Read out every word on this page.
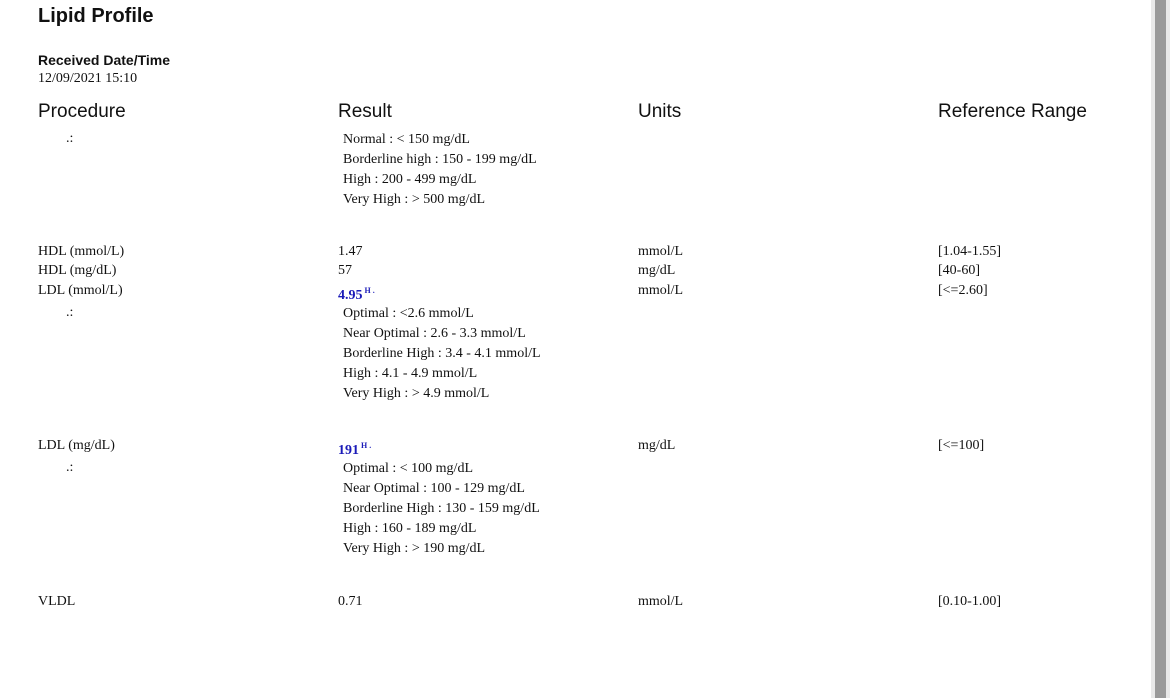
Lipid Profile
Received Date/Time
12/09/2021 15:10
Procedure	Result	Units	Reference Range
.:	Normal : < 150 mg/dL
Borderline high : 150 - 199 mg/dL
High : 200 - 499 mg/dL
Very High : > 500 mg/dL
HDL (mmol/L)	1.47	mmol/L	[1.04-1.55]
HDL (mg/dL)	57	mg/dL	[40-60]
LDL (mmol/L)	4.95 $^{H .}$	mmol/L	[<=2.60]
.:	Optimal : <2.6 mmol/L
Near Optimal : 2.6 - 3.3 mmol/L
Borderline High : 3.4 - 4.1 mmol/L
High : 4.1 - 4.9 mmol/L
Very High : > 4.9 mmol/L
LDL (mg/dL)	191 $^{H .}$	mg/dL	[<=100]
.:	Optimal : < 100 mg/dL
Near Optimal : 100 - 129 mg/dL
Borderline High : 130 - 159 mg/dL
High : 160 - 189 mg/dL
Very High : > 190 mg/dL
VLDL	0.71	mmol/L	[0.10-1.00]
